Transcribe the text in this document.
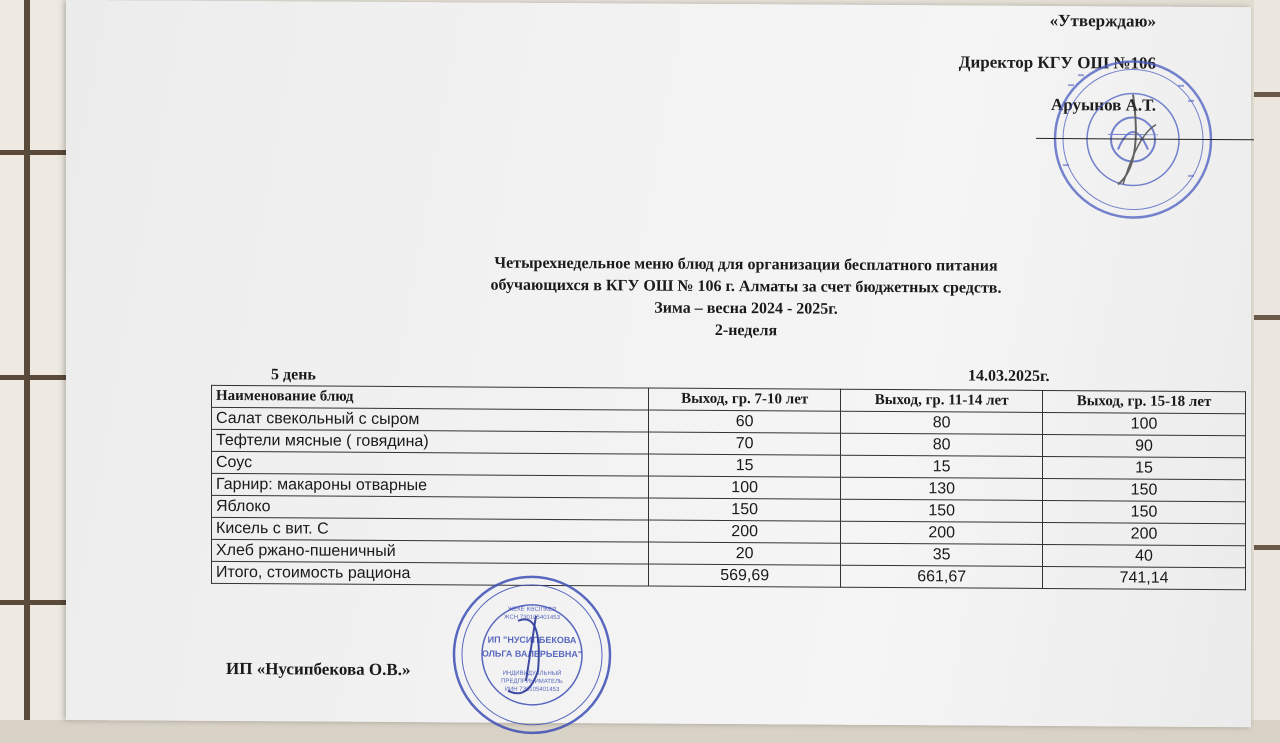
«Утверждаю»
Директор КГУ ОШ №106
Аруынов А.Т.
Четырехнедельное меню блюд для организации бесплатного питания
обучающихся в КГУ ОШ № 106 г. Алматы за счет бюджетных средств.
Зима – весна 2024 - 2025г.
2-неделя
5 день	14.03.2025г.
Наименование блюд	Выход, гр. 7-10 лет	Выход, гр. 11-14 лет	Выход, гр. 15-18 лет
Салат свекольный с сыром	60	80	100
Тефтели мясные ( говядина)	70	80	90
Соус	15	15	15
Гарнир: макароны отварные	100	130	150
Яблоко	150	150	150
Кисель с вит. С	200	200	200
Хлеб ржано-пшеничный	20	35	40
Итого, стоимость рациона	569,69	661,67	741,14
ИП «Нусипбекова О.В.»
ЖЕКЕ КӘСІПКЕР
ЖСН 730105401453
ИП "НУСИПБЕКОВА
ОЛЬГА ВАЛЕРЬЕВНА"
ИНДИВИДУАЛЬНЫЙ
ПРЕДПРИНИМАТЕЛЬ
ИИН 730105401453
